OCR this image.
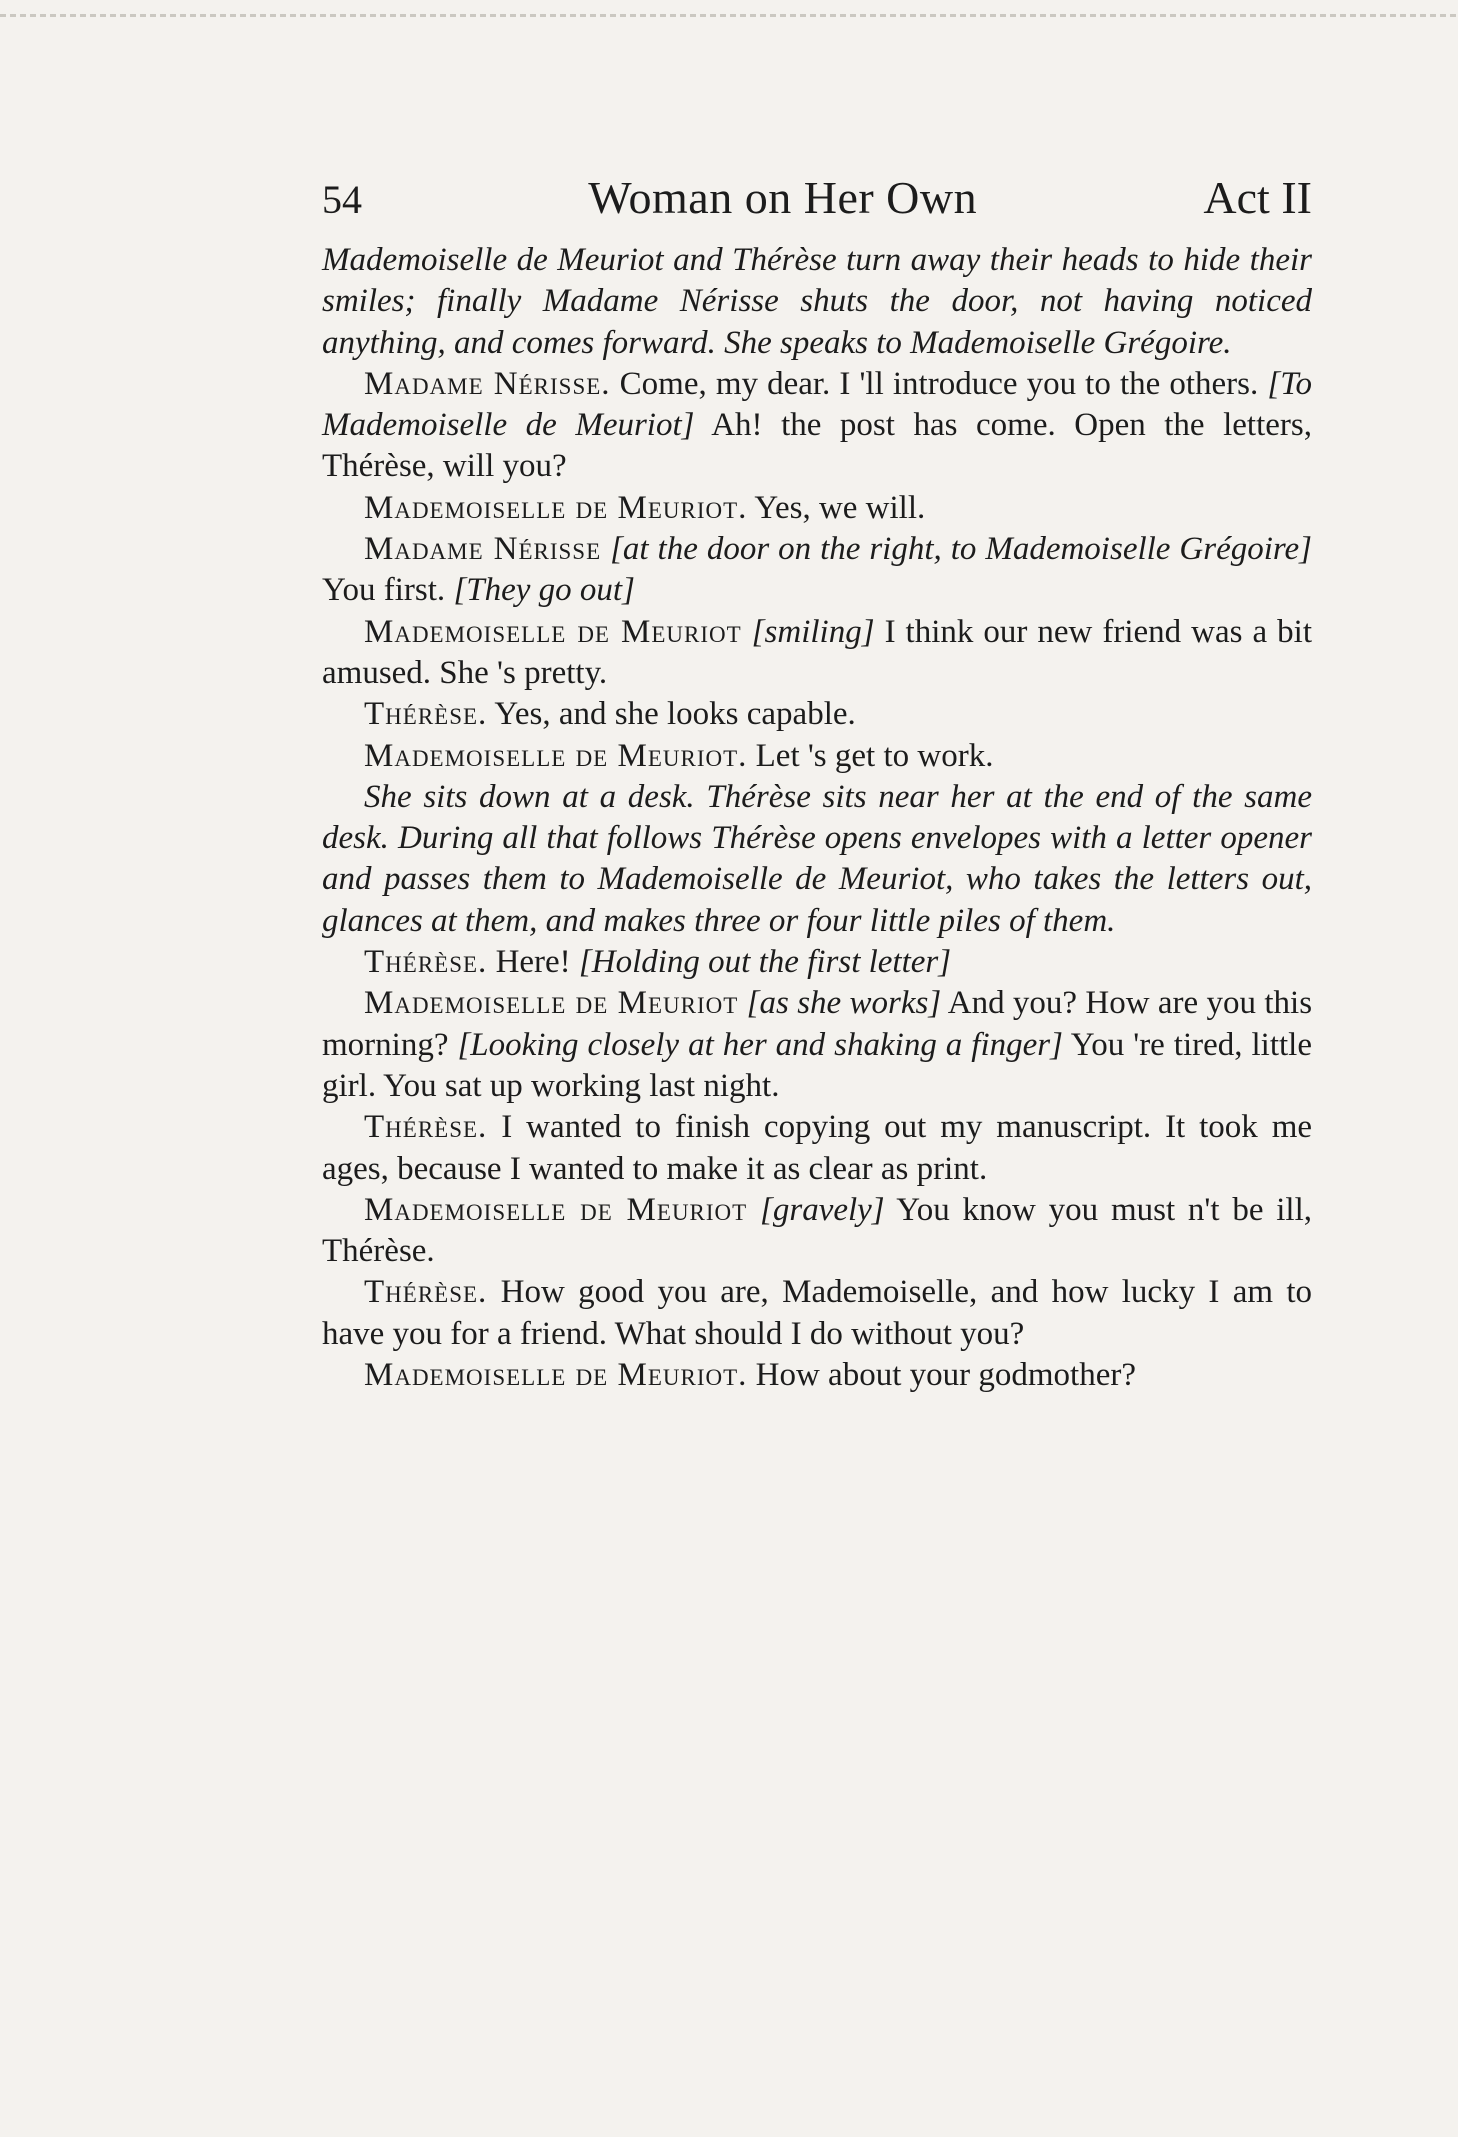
54	Woman on Her Own	Act II

Mademoiselle de Meuriot and Thérèse turn away their heads to hide their smiles; finally Madame Nérisse shuts the door, not having noticed anything, and comes forward. She speaks to Mademoiselle Grégoire.

Madame Nérisse. Come, my dear. I 'll introduce you to the others. [To Mademoiselle de Meuriot] Ah! the post has come. Open the letters, Thérèse, will you?

Mademoiselle de Meuriot. Yes, we will.

Madame Nérisse [at the door on the right, to Mademoiselle Grégoire] You first. [They go out]

Mademoiselle de Meuriot [smiling] I think our new friend was a bit amused. She 's pretty.

Thérèse. Yes, and she looks capable.

Mademoiselle de Meuriot. Let 's get to work.

She sits down at a desk. Thérèse sits near her at the end of the same desk. During all that follows Thérèse opens envelopes with a letter opener and passes them to Mademoiselle de Meuriot, who takes the letters out, glances at them, and makes three or four little piles of them.

Thérèse. Here! [Holding out the first letter]

Mademoiselle de Meuriot [as she works] And you? How are you this morning? [Looking closely at her and shaking a finger] You 're tired, little girl. You sat up working last night.

Thérèse. I wanted to finish copying out my manuscript. It took me ages, because I wanted to make it as clear as print.

Mademoiselle de Meuriot [gravely] You know you must n't be ill, Thérèse.

Thérèse. How good you are, Mademoiselle, and how lucky I am to have you for a friend. What should I do without you?

Mademoiselle de Meuriot. How about your godmother?
